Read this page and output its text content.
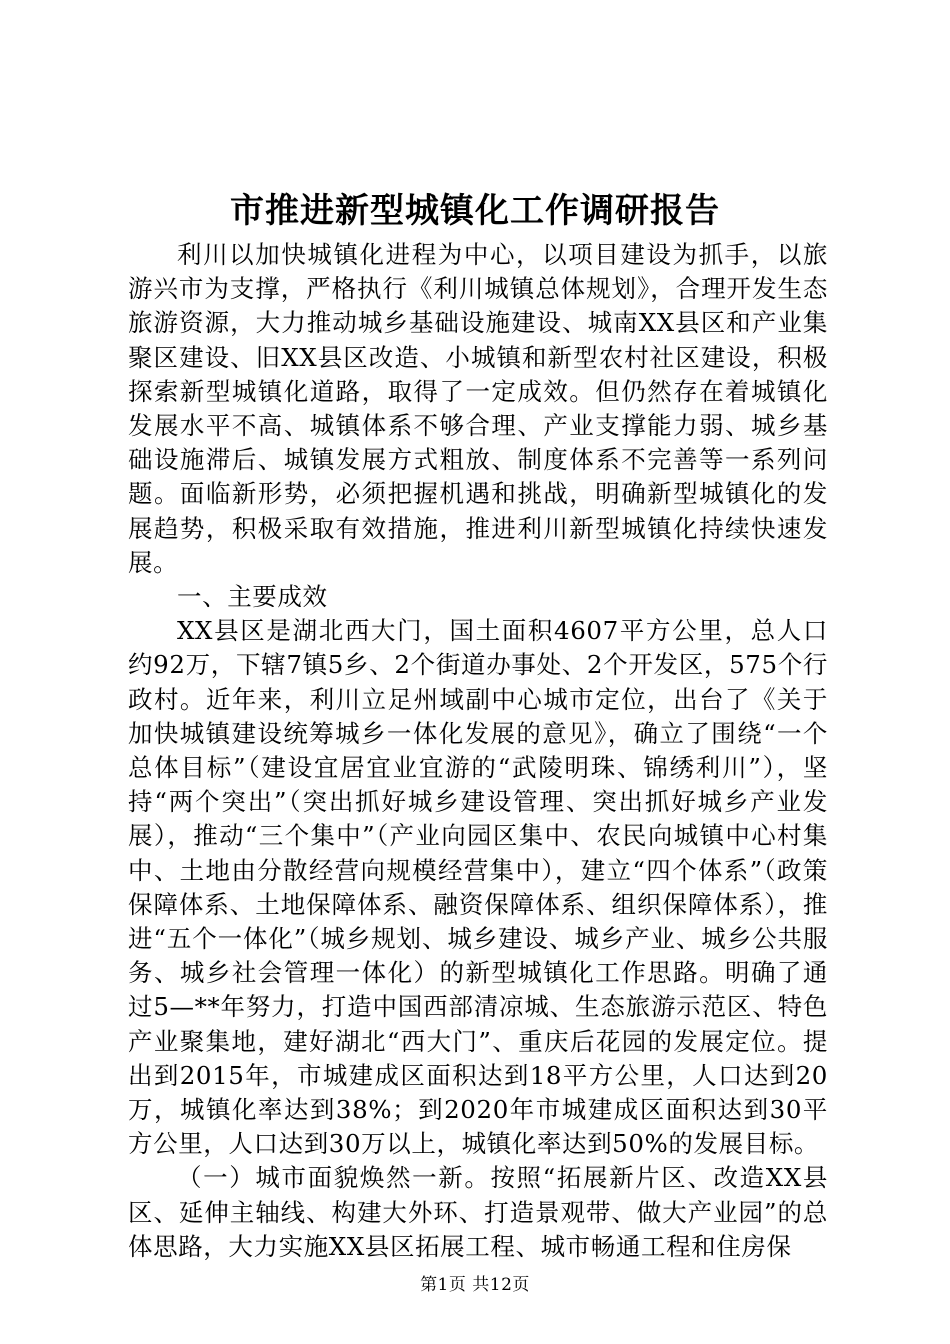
市推进新型城镇化工作调研报告

利川以加快城镇化进程为中心，以项目建设为抓手，以旅游兴市为支撑，严格执行《利川城镇总体规划》，合理开发生态旅游资源，大力推动城乡基础设施建设、城南XX县区和产业集聚区建设、旧XX县区改造、小城镇和新型农村社区建设，积极探索新型城镇化道路，取得了一定成效。但仍然存在着城镇化发展水平不高、城镇体系不够合理、产业支撑能力弱、城乡基础设施滞后、城镇发展方式粗放、制度体系不完善等一系列问题。面临新形势，必须把握机遇和挑战，明确新型城镇化的发展趋势，积极采取有效措施，推进利川新型城镇化持续快速发展。

一、主要成效

XX县区是湖北西大门，国土面积4607平方公里，总人口约92万，下辖7镇5乡、2个街道办事处、2个开发区，575个行政村。近年来，利川立足州域副中心城市定位，出台了《关于加快城镇建设统筹城乡一体化发展的意见》，确立了围绕“一个总体目标”（建设宜居宜业宜游的“武陵明珠、锦绣利川”），坚持“两个突出”（突出抓好城乡建设管理、突出抓好城乡产业发展），推动“三个集中”（产业向园区集中、农民向城镇中心村集中、土地由分散经营向规模经营集中），建立“四个体系”（政策保障体系、土地保障体系、融资保障体系、组织保障体系），推进“五个一体化”（城乡规划、城乡建设、城乡产业、城乡公共服务、城乡社会管理一体化）的新型城镇化工作思路。明确了通过5—**年努力，打造中国西部清凉城、生态旅游示范区、特色产业聚集地，建好湖北“西大门”、重庆后花园的发展定位。提出到2015年，市城建成区面积达到18平方公里，人口达到20万，城镇化率达到38%；到2020年市城建成区面积达到30平方公里，人口达到30万以上，城镇化率达到50%的发展目标。

（一）城市面貌焕然一新。按照“拓展新片区、改造XX县区、延伸主轴线、构建大外环、打造景观带、做大产业园”的总体思路，大力实施XX县区拓展工程、城市畅通工程和住房保

第1页 共12页
